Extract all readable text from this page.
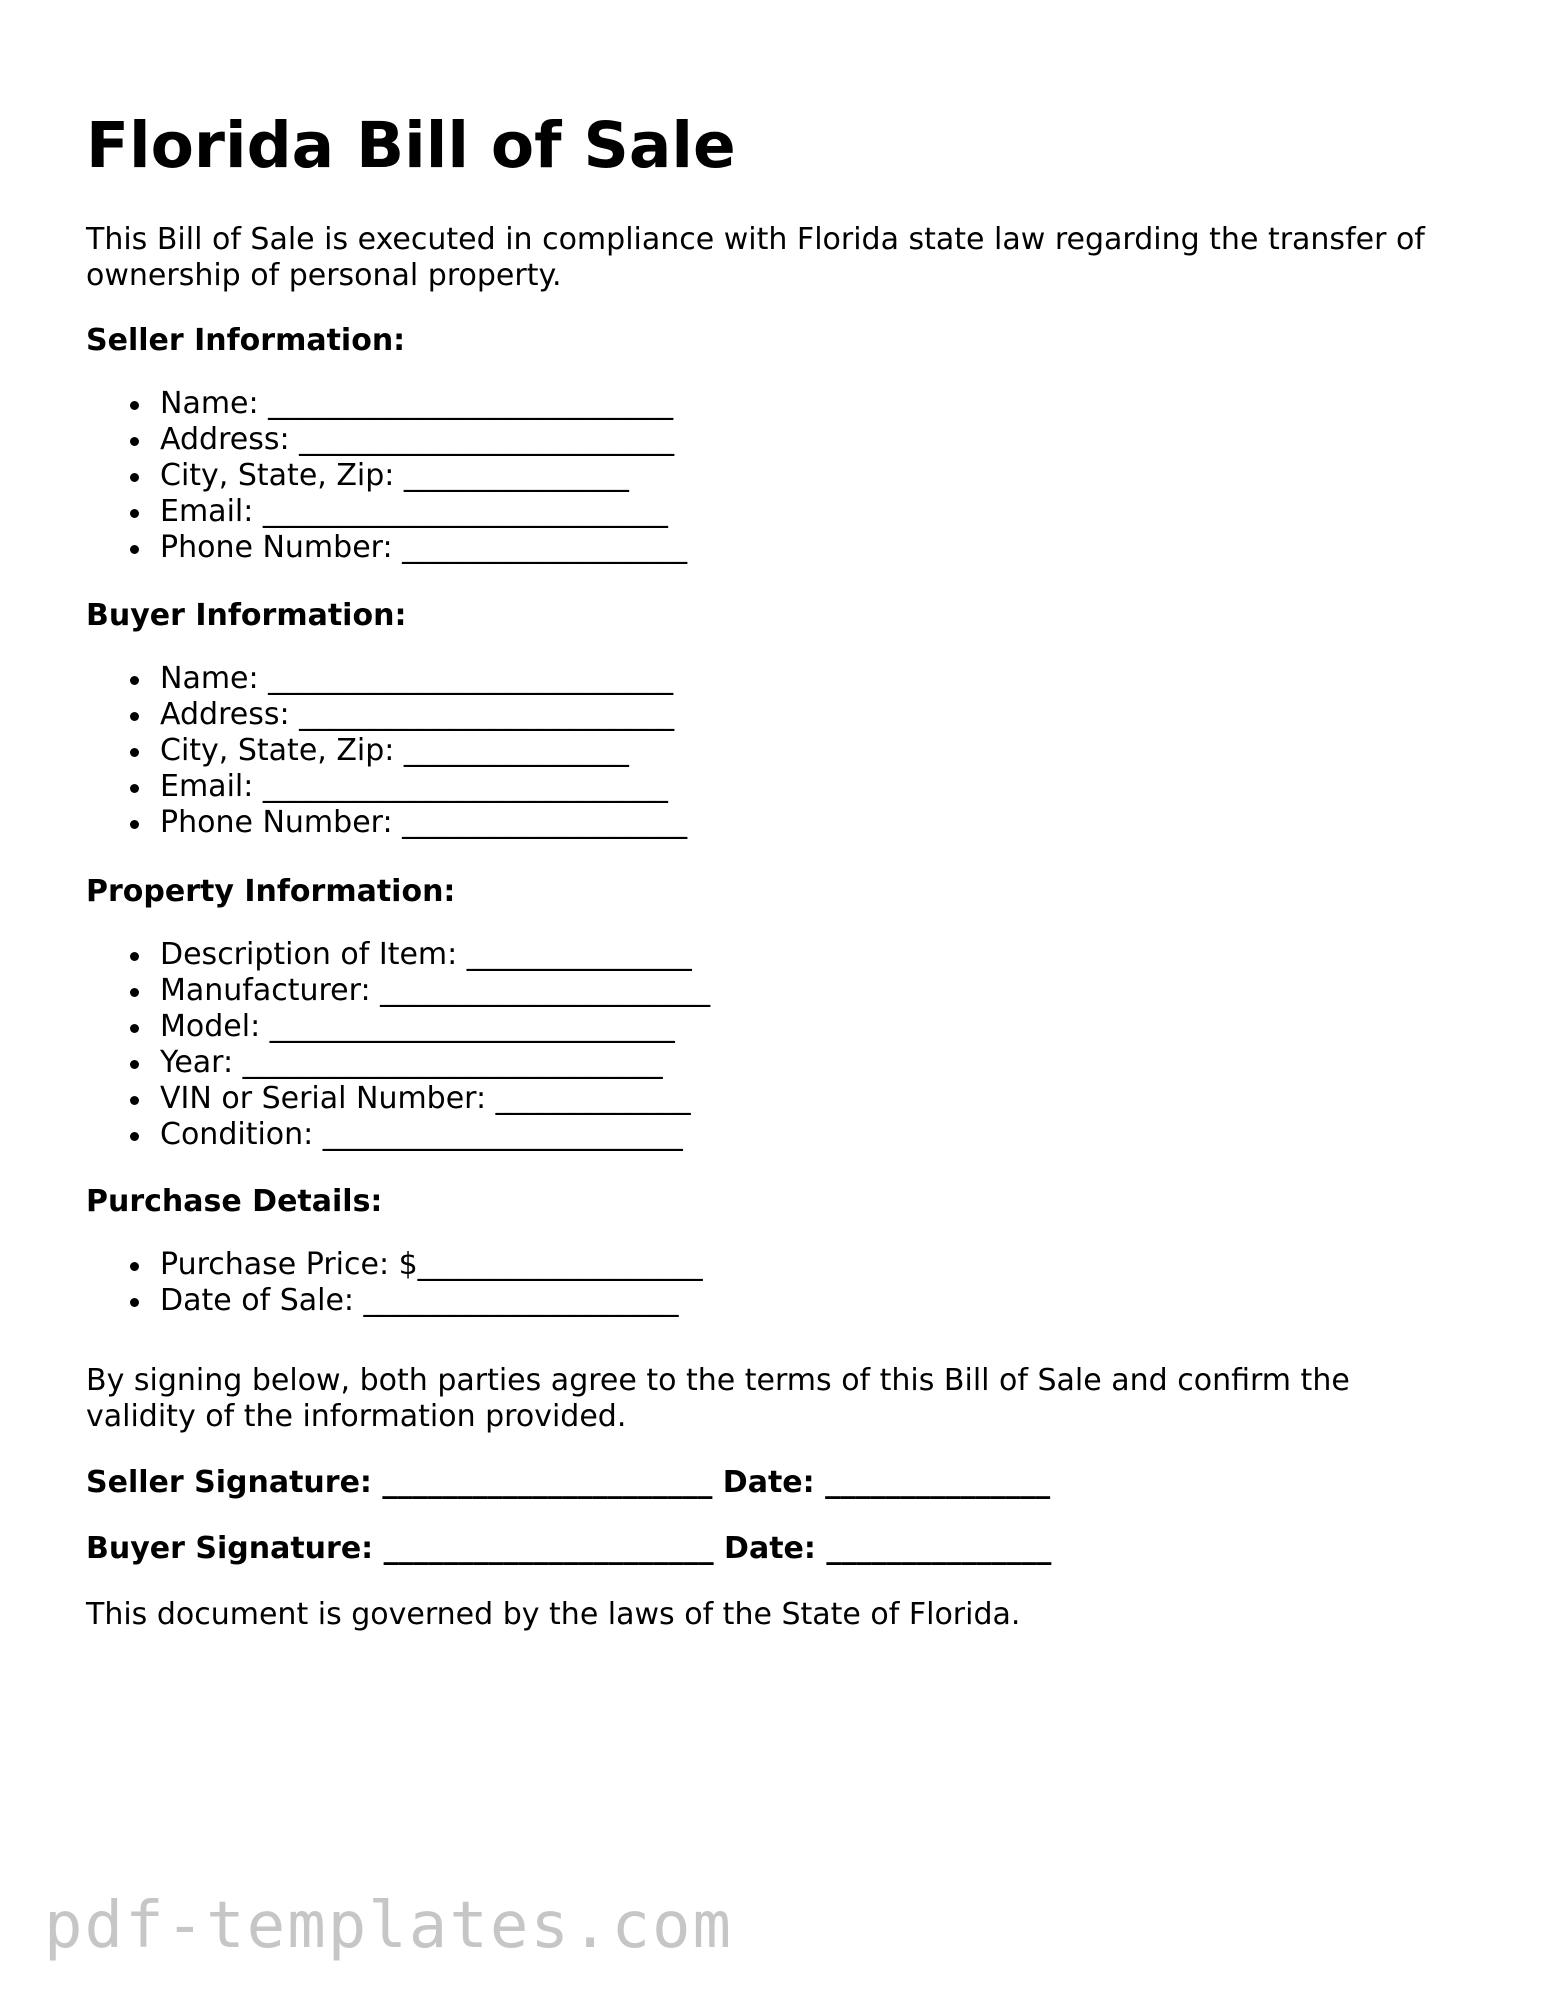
Florida Bill of Sale

This Bill of Sale is executed in compliance with Florida state law regarding the transfer of ownership of personal property.

Seller Information:
Name: ___________________________
Address: _________________________
City, State, Zip: _______________
Email: ___________________________
Phone Number: ___________________
Buyer Information:
Name: ___________________________
Address: _________________________
City, State, Zip: _______________
Email: ___________________________
Phone Number: ___________________
Property Information:
Description of Item: _______________
Manufacturer: ______________________
Model: ___________________________
Year: ____________________________
VIN or Serial Number: _____________
Condition: ________________________
Purchase Details:
Purchase Price: $___________________
Date of Sale: _____________________

By signing below, both parties agree to the terms of this Bill of Sale and confirm the validity of the information provided.

Seller Signature: ______________________ Date: _______________

Buyer Signature: ______________________ Date: _______________

This document is governed by the laws of the State of Florida.

pdf-templates.com
